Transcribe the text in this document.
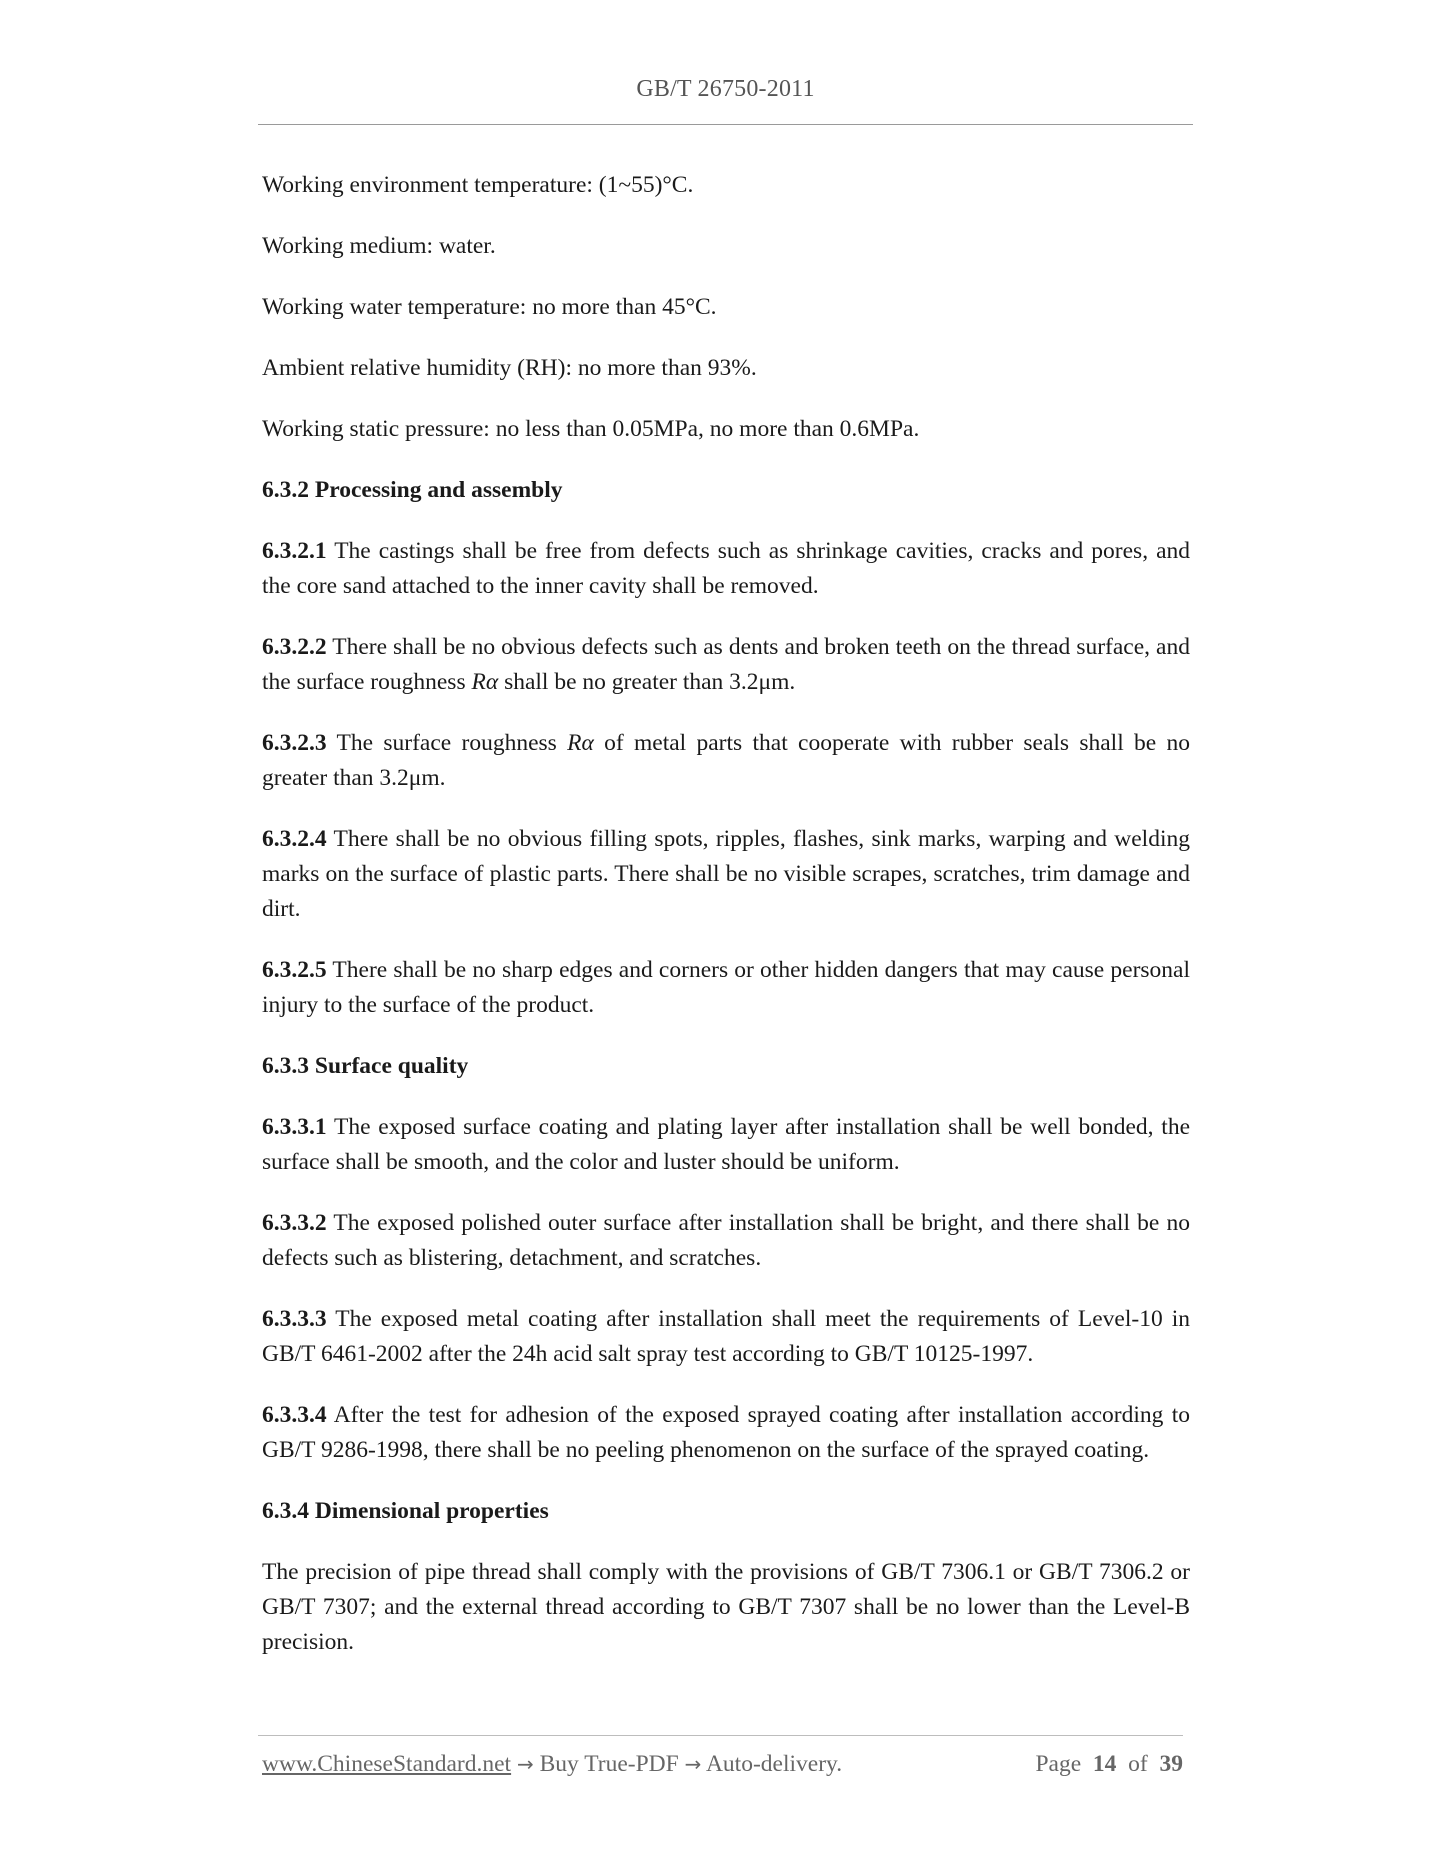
GB/T 26750-2011

Working environment temperature: (1~55)°C.

Working medium: water.

Working water temperature: no more than 45°C.

Ambient relative humidity (RH): no more than 93%.

Working static pressure: no less than 0.05MPa, no more than 0.6MPa.

6.3.2 Processing and assembly

6.3.2.1 The castings shall be free from defects such as shrinkage cavities, cracks and pores, and the core sand attached to the inner cavity shall be removed.

6.3.2.2 There shall be no obvious defects such as dents and broken teeth on the thread surface, and the surface roughness Rα shall be no greater than 3.2μm.

6.3.2.3 The surface roughness Rα of metal parts that cooperate with rubber seals shall be no greater than 3.2μm.

6.3.2.4 There shall be no obvious filling spots, ripples, flashes, sink marks, warping and welding marks on the surface of plastic parts. There shall be no visible scrapes, scratches, trim damage and dirt.

6.3.2.5 There shall be no sharp edges and corners or other hidden dangers that may cause personal injury to the surface of the product.

6.3.3 Surface quality

6.3.3.1 The exposed surface coating and plating layer after installation shall be well bonded, the surface shall be smooth, and the color and luster should be uniform.

6.3.3.2 The exposed polished outer surface after installation shall be bright, and there shall be no defects such as blistering, detachment, and scratches.

6.3.3.3 The exposed metal coating after installation shall meet the requirements of Level-10 in GB/T 6461-2002 after the 24h acid salt spray test according to GB/T 10125-1997.

6.3.3.4 After the test for adhesion of the exposed sprayed coating after installation according to GB/T 9286-1998, there shall be no peeling phenomenon on the surface of the sprayed coating.

6.3.4 Dimensional properties

The precision of pipe thread shall comply with the provisions of GB/T 7306.1 or GB/T 7306.2 or GB/T 7307; and the external thread according to GB/T 7307 shall be no lower than the Level-B precision.

www.ChineseStandard.net → Buy True-PDF → Auto-delivery.	Page 14 of 39
